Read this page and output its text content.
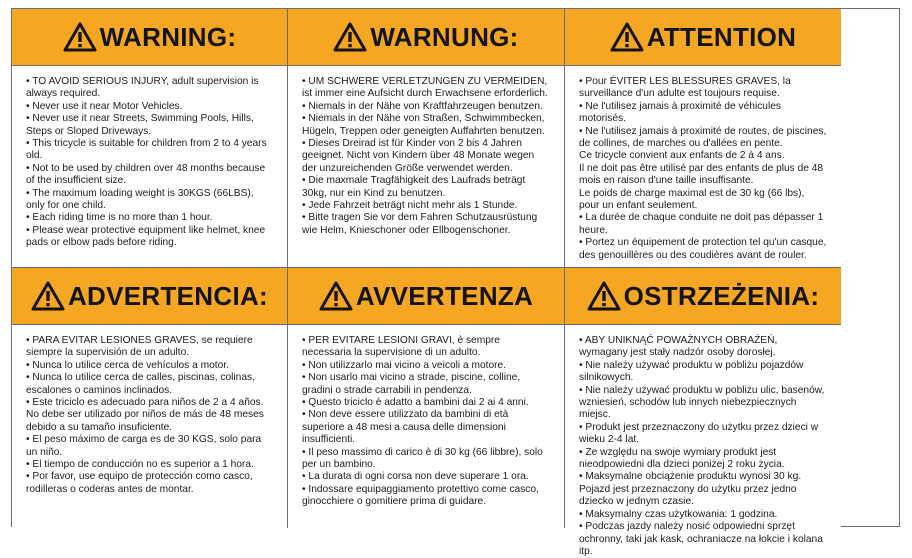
WARNING:
• TO AVOID SERIOUS INJURY, adult supervision is always required.
• Never use it near Motor Vehicles.
• Never use it near Streets, Swimming Pools, Hills, Steps or Sloped Driveways.
• This tricycle is suitable for children from 2 to 4 years old.
• Not to be used by children over 48 months because of the insufficient size.
• The maximum loading weight is 30KGS (66LBS), only for one child.
• Each riding time is no more than 1 hour.
• Please wear protective equipment like helmet, knee pads or elbow pads before riding.
WARNUNG:
• UM SCHWERE VERLETZUNGEN ZU VERMEIDEN, ist immer eine Aufsicht durch Erwachsene erforderlich.
• Niemals in der Nähe von Kraftfahrzeugen benutzen.
• Niemals in der Nähe von Straßen, Schwimmbecken, Hügeln, Treppen oder geneigten Auffahrten benutzen.
• Dieses Dreirad ist für Kinder von 2 bis 4 Jahren geeignet. Nicht von Kindern über 48 Monate wegen der unzureichenden Größe verwendet werden.
• Die maxmale Tragfähigkeit des Laufrads beträgt 30kg, nur ein Kind zu benutzen.
• Jede Fahrzeit beträgt nicht mehr als 1 Stunde.
• Bitte tragen Sie vor dem Fahren Schutzausrüstung wie Helm, Knieschoner oder Ellbogenschoner.
ATTENTION
• Pour ÉVITER LES BLESSURES GRAVES, la surveillance d'un adulte est toujours requise.
• Ne l'utilisez jamais à proximité de véhicules motorisés.
• Ne l'utilisez jamais à proximité de routes, de piscines, de collines, de marches ou d'allées en pente.
Ce tricycle convient aux enfants de 2 à 4 ans.
Il ne doit pas être utilisé par des enfants de plus de 48 mois en raison d'une taille insuffisante.
Le poids de charge maximal est de 30 kg (66 lbs), pour un enfant seulement.
• La durée de chaque conduite ne doit pas dépasser 1 heure.
• Portez un équipement de protection tel qu'un casque, des genouillères ou des coudières avant de rouler.
ADVERTENCIA:
• PARA EVITAR LESIONES GRAVES, se requiere siempre la supervisión de un adulto.
• Nunca lo utilice cerca de vehículos a motor.
• Nunca lo utilice cerca de calles, piscinas, colinas, escalones o caminos inclinados.
• Este triciclo es adecuado para niños de 2 a 4 años. No debe ser utilizado por niños de más de 48 meses debido a su tamaño insuficiente.
• El peso máximo de carga es de 30 KGS, solo para un niño.
• El tiempo de conducción no es superior a 1 hora.
• Por favor, use equipo de protección como casco, rodilleras o coderas antes de montar.
AVVERTENZA
• PER EVITARE LESIONI GRAVI, è sempre necessaria la supervisione di un adulto.
• Non utilizzarlo mai vicino a veicoli a motore.
• Non usarlo mai vicino a strade, piscine, colline, gradini o strade carrabili in pendenza.
• Questo triciclo è adatto a bambini dai 2 ai 4 anni.
• Non deve essere utilizzato da bambini di età superiore a 48 mesi a causa delle dimensioni insufficienti.
• Il peso massimo di carico è di 30 kg (66 libbre), solo per un bambino.
• La durata di ogni corsa non deve superare 1 ora.
• Indossare equipaggiamento protettivo come casco, ginocchiere o gomitiere prima di guidare.
OSTRZEŻENIA:
• ABY UNIKNĄĆ POWAŻNYCH OBRAŻEŃ, wymagany jest stały nadzór osoby dorosłej.
• Nie należy używać produktu w pobliżu pojazdów silnikowych.
• Nie należy używać produktu w pobliżu ulic, basenów, wzniesień, schodów lub innych niebezpiecznych miejsc.
• Produkt jest przeznaczony do użytku przez dzieci w wieku 2-4 lat.
• Ze względu na swoje wymiary produkt jest nieodpowiedni dla dzieci poniżej 2 roku życia.
• Maksymalne obciążenie produktu wynosi 30 kg. Pojazd jest przeznaczony do użytku przez jedno dziecko w jednym czasie.
• Maksymalny czas użytkowania: 1 godzina.
• Podczas jazdy należy nosić odpowiedni sprzęt ochronny, taki jak kask, ochraniacze na łokcie i kolana itp.
